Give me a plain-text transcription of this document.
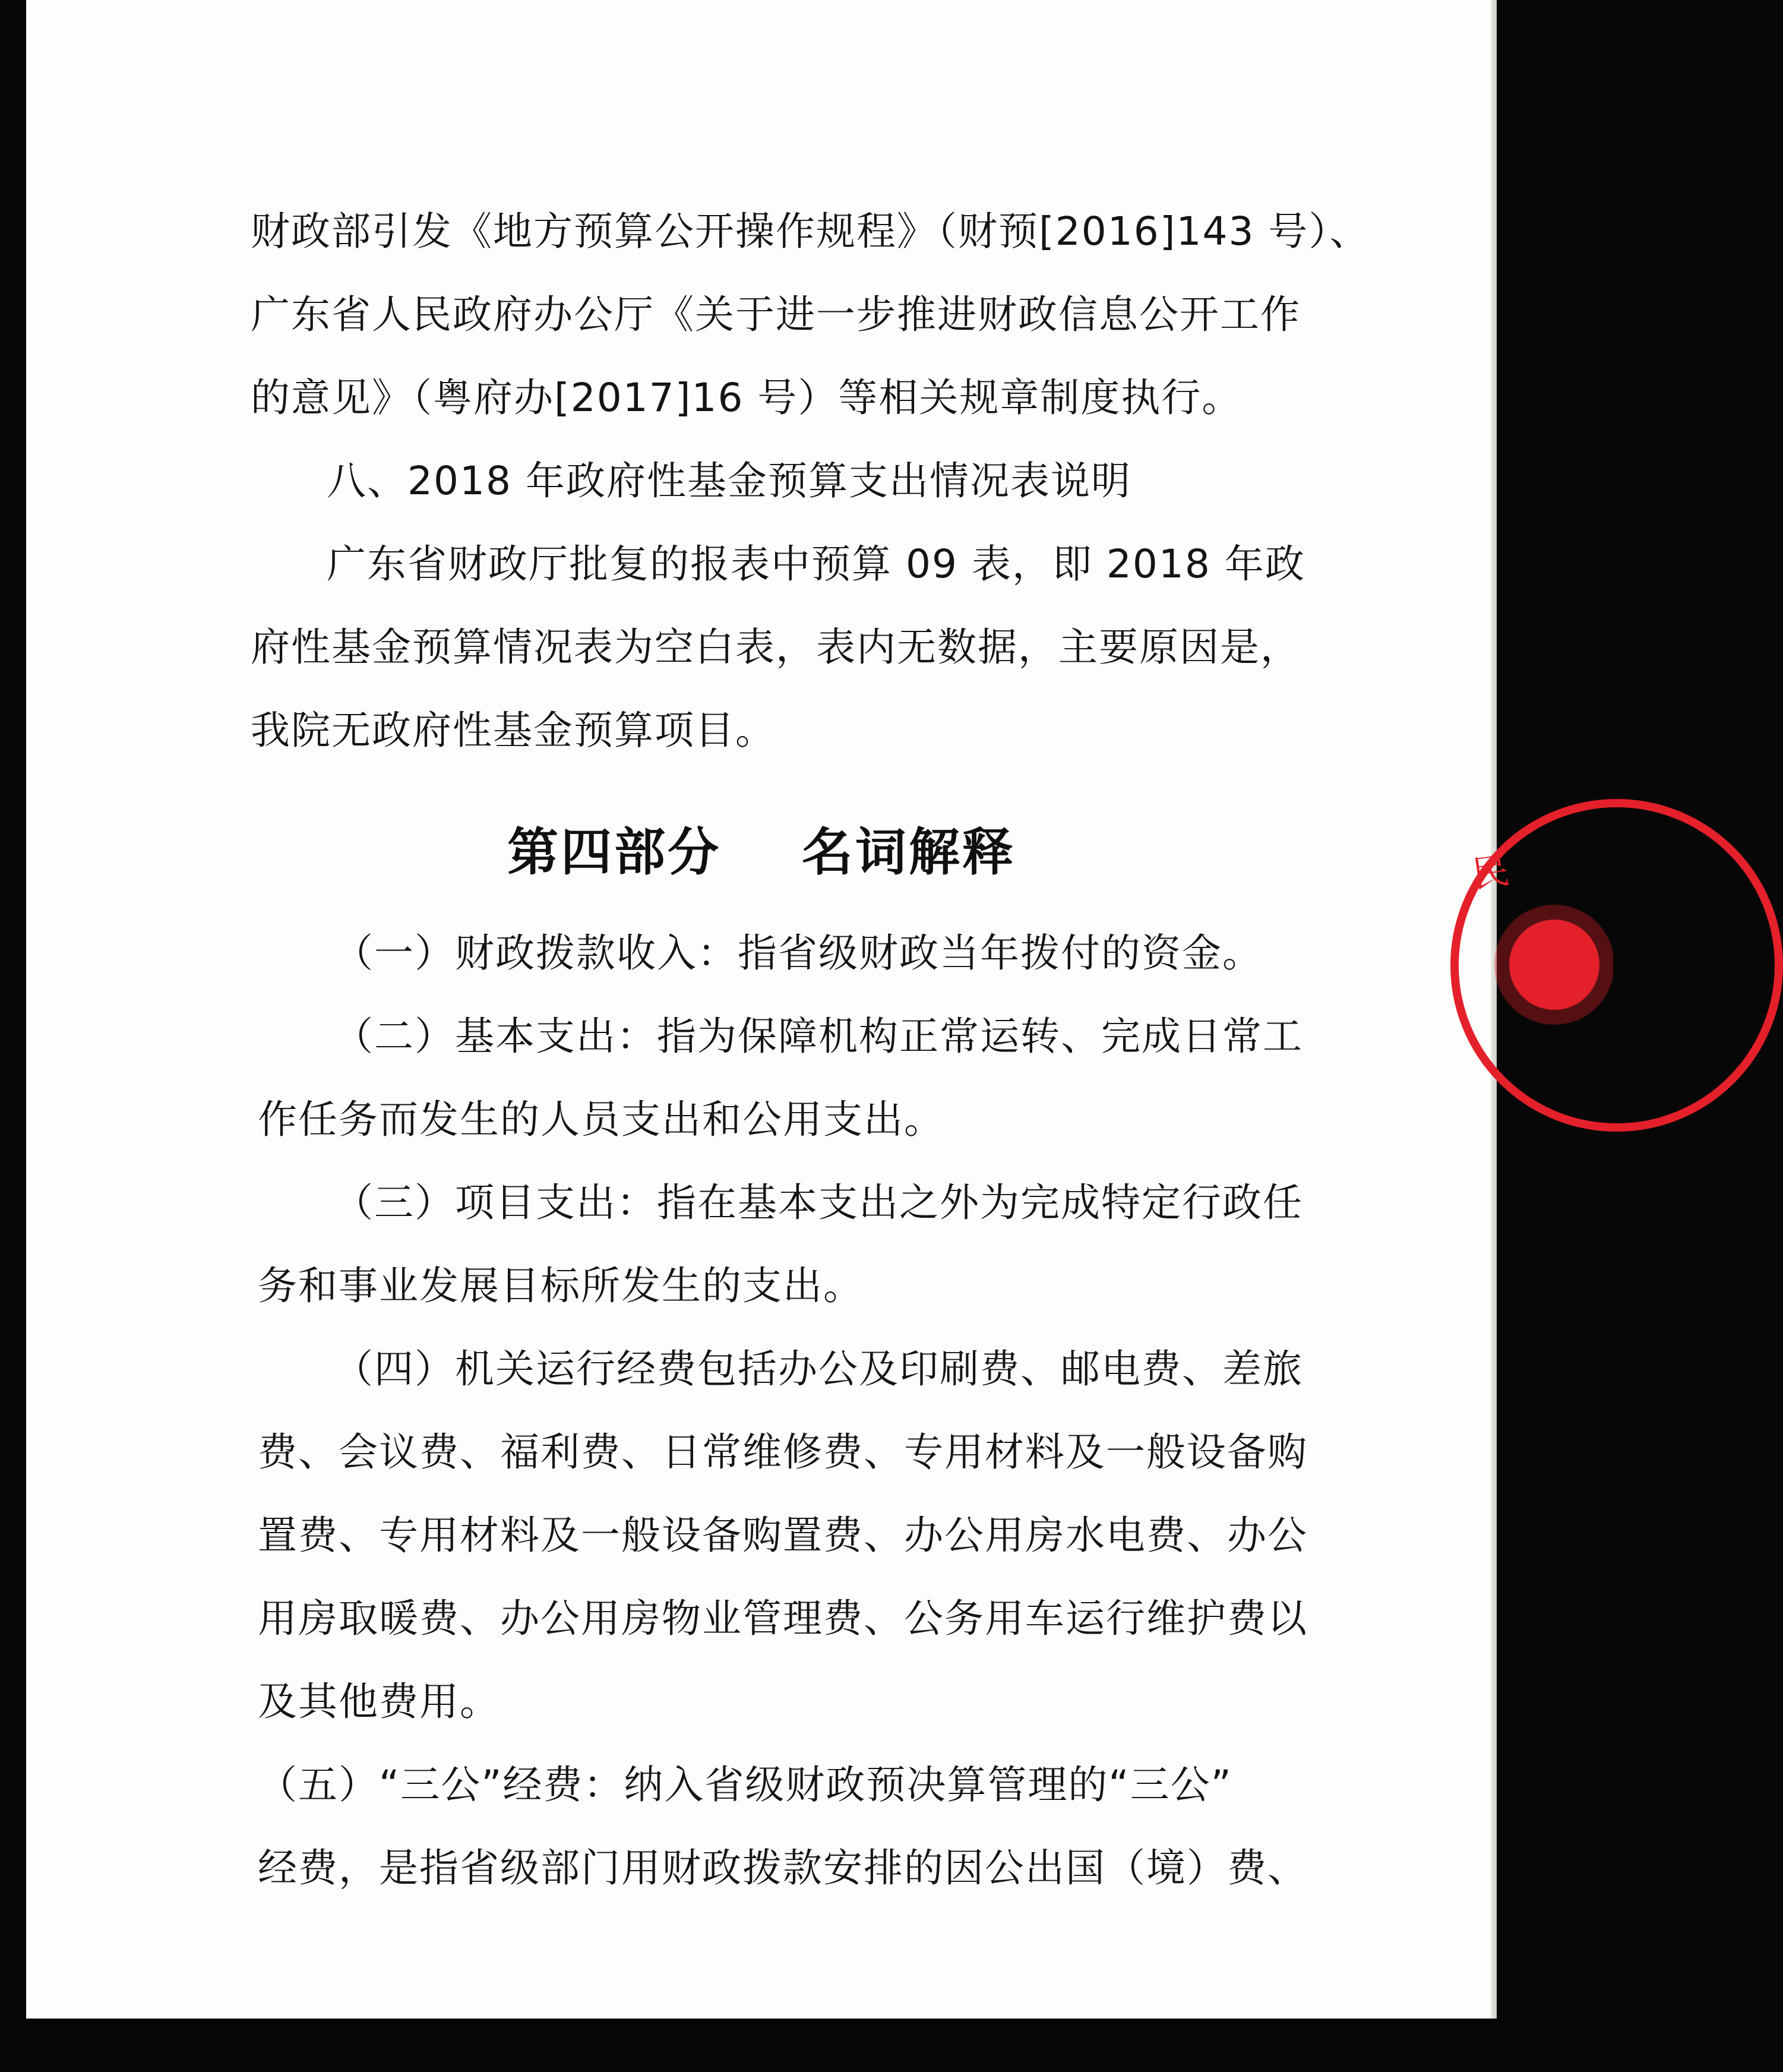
财政部引发《地方预算公开操作规程》（财预[2016]143 号）、
广东省人民政府办公厅《关于进一步推进财政信息公开工作
的意见》（粤府办[2017]16 号）等相关规章制度执行。
八、2018 年政府性基金预算支出情况表说明
广东省财政厅批复的报表中预算 09 表，即 2018 年政
府性基金预算情况表为空白表，表内无数据，主要原因是，
我院无政府性基金预算项目。
第四部分    名词解释
（一）财政拨款收入：指省级财政当年拨付的资金。
（二）基本支出：指为保障机构正常运转、完成日常工
作任务而发生的人员支出和公用支出。
（三）项目支出：指在基本支出之外为完成特定行政任
务和事业发展目标所发生的支出。
（四）机关运行经费包括办公及印刷费、邮电费、差旅
费、会议费、福利费、日常维修费、专用材料及一般设备购
置费、专用材料及一般设备购置费、办公用房水电费、办公
用房取暖费、办公用房物业管理费、公务用车运行维护费以
及其他费用。
（五）“三公”经费：纳入省级财政预决算管理的“三公”
经费，是指省级部门用财政拨款安排的因公出国（境）费、
民
